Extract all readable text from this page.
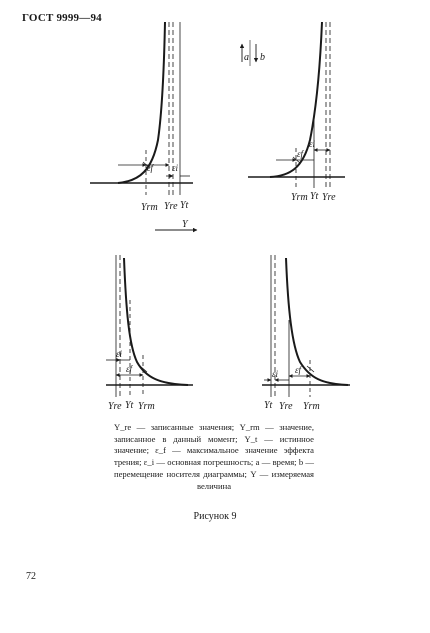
ГОСТ 9999—94
εf εi
Yrm Yre Yt
Y
a b
εi
εf
Yrm Yt Yre
εi
εf
Yre Yt Yrm
εi εf
Yt Yre Yrm
Y_re — записанные значения; Y_rm — значение, записанное в данный момент; Y_t — истинное значение; ε_f — максимальное значение эффекта трения; ε_i — основная погрешность; a — время; b — перемещение носителя диаграммы; Y — измеряемая величина
Рисунок 9
72
